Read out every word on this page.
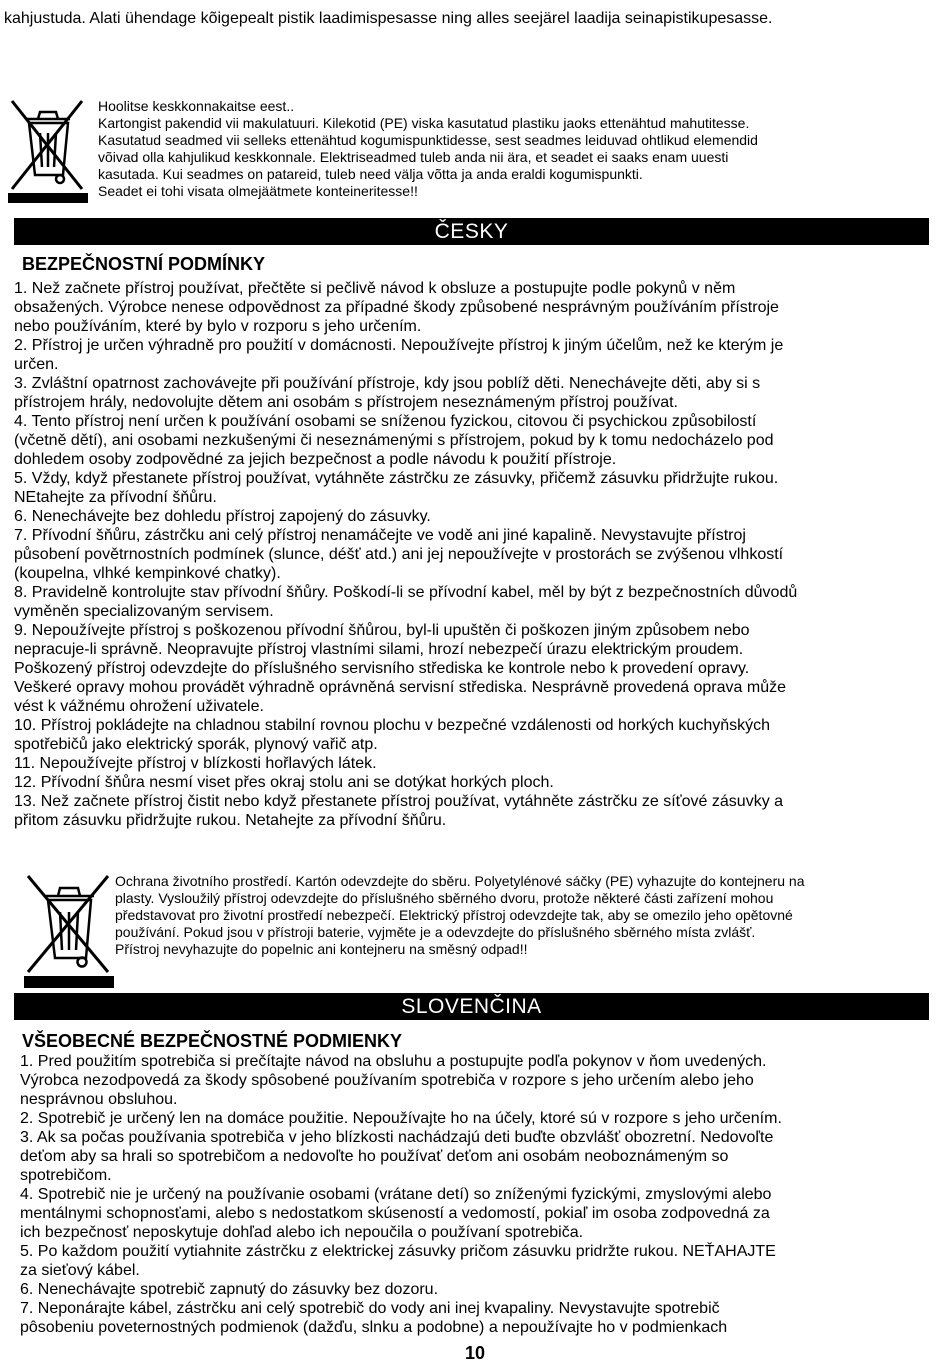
kahjustuda. Alati ühendage kõigepealt pistik laadimispesasse ning alles seejärel laadija seinapistikupesasse.
Hoolitse keskkonnakaitse eest..
Kartongist pakendid vii makulatuuri. Kilekotid (PE) viska kasutatud plastiku jaoks ettenähtud mahutitesse.
Kasutatud seadmed vii selleks ettenähtud kogumispunktidesse, sest seadmes leiduvad ohtlikud elemendid
võivad olla kahjulikud keskkonnale. Elektriseadmed tuleb anda nii ära, et seadet ei saaks enam uuesti
kasutada. Kui seadmes on patareid, tuleb need välja võtta ja anda eraldi kogumispunkti.
Seadet ei tohi visata olmejäätmete konteineritesse!!
ČESKY
BEZPEČNOSTNÍ PODMÍNKY
1. Než začnete přístroj používat, přečtěte si pečlivě návod k obsluze a postupujte podle pokynů v něm
obsažených. Výrobce nenese odpovědnost za případné škody způsobené nesprávným používáním přístroje
nebo používáním, které by bylo v rozporu s jeho určením.
2. Přístroj je určen výhradně pro použití v domácnosti. Nepoužívejte přístroj k jiným účelům, než ke kterým je
určen.
3. Zvláštní opatrnost zachovávejte při používání přístroje, kdy jsou poblíž děti. Nenechávejte děti, aby si s
přístrojem hrály, nedovolujte dětem ani osobám s přístrojem neseznámeným přístroj používat.
4. Tento přístroj není určen k používání osobami se sníženou fyzickou, citovou či psychickou způsobilostí
(včetně dětí), ani osobami nezkušenými či neseznámenými s přístrojem, pokud by k tomu nedocházelo pod
dohledem osoby zodpovědné za jejich bezpečnost a podle návodu k použití přístroje.
5. Vždy, když přestanete přístroj používat, vytáhněte zástrčku ze zásuvky, přičemž zásuvku přidržujte rukou.
NEtahejte za přívodní šňůru.
6. Nenechávejte bez dohledu přístroj zapojený do zásuvky.
7. Přívodní šňůru, zástrčku ani celý přístroj nenamáčejte ve vodě ani jiné kapalině. Nevystavujte přístroj
působení povětrnostních podmínek (slunce, déšť atd.) ani jej nepoužívejte v prostorách se zvýšenou vlhkostí
(koupelna, vlhké kempinkové chatky).
8. Pravidelně kontrolujte stav přívodní šňůry. Poškodí-li se přívodní kabel, měl by být z bezpečnostních důvodů
vyměněn specializovaným servisem.
9. Nepoužívejte přístroj s poškozenou přívodní šňůrou, byl-li upuštěn či poškozen jiným způsobem nebo
nepracuje-li správně. Neopravujte přístroj vlastními silami, hrozí nebezpečí úrazu elektrickým proudem.
Poškozený přístroj odevzdejte do příslušného servisního střediska ke kontrole nebo k provedení opravy.
Veškeré opravy mohou provádět výhradně oprávněná servisní střediska. Nesprávně provedená oprava může
vést k vážnému ohrožení uživatele.
10. Přístroj pokládejte na chladnou stabilní rovnou plochu v bezpečné vzdálenosti od horkých kuchyňských
spotřebičů jako elektrický sporák, plynový vařič atp.
11. Nepoužívejte přístroj v blízkosti hořlavých látek.
12. Přívodní šňůra nesmí viset přes okraj stolu ani se dotýkat horkých ploch.
13. Než začnete přístroj čistit nebo když přestanete přístroj používat, vytáhněte zástrčku ze síťové zásuvky a
přitom zásuvku přidržujte rukou. Netahejte za přívodní šňůru.
Ochrana životního prostředí. Kartón odevzdejte do sběru. Polyetylénové sáčky (PE) vyhazujte do kontejneru na
plasty. Vysloužilý přístroj odevzdejte do příslušného sběrného dvoru, protože některé části zařízení mohou
představovat pro životní prostředí nebezpečí. Elektrický přístroj odevzdejte tak, aby se omezilo jeho opětovné
používání. Pokud jsou v přístroji baterie, vyjměte je a odevzdejte do příslušného sběrného místa zvlášť.
Přístroj nevyhazujte do popelnic ani kontejneru na směsný odpad!!
SLOVENČINA
VŠEOBECNÉ BEZPEČNOSTNÉ PODMIENKY
1. Pred použitím spotrebiča si prečítajte návod na obsluhu a postupujte podľa pokynov v ňom uvedených.
Výrobca nezodpovedá za škody spôsobené používaním spotrebiča v rozpore s jeho určením alebo jeho
nesprávnou obsluhou.
2. Spotrebič je určený len na domáce použitie. Nepoužívajte ho na účely, ktoré sú v rozpore s jeho určením.
3. Ak sa počas používania spotrebiča v jeho blízkosti nachádzajú deti buďte obzvlášť obozretní. Nedovoľte
deťom aby sa hrali so spotrebičom a nedovoľte ho používať deťom ani osobám neoboznámeným so
spotrebičom.
4. Spotrebič nie je určený na používanie osobami (vrátane detí) so zníženými fyzickými, zmyslovými alebo
mentálnymi schopnosťami, alebo s nedostatkom skúseností a vedomostí, pokiaľ im osoba zodpovedná za
ich bezpečnosť neposkytuje dohľad alebo ich nepoučila o používaní spotrebiča.
5. Po každom použití vytiahnite zástrčku z elektrickej zásuvky pričom zásuvku pridržte rukou. NEŤAHAJTE
za sieťový kábel.
6. Nenechávajte spotrebič zapnutý do zásuvky bez dozoru.
7. Neponárajte kábel, zástrčku ani celý spotrebič do vody ani inej kvapaliny. Nevystavujte spotrebič
pôsobeniu poveternostných podmienok (dažďu, slnku a podobne) a nepoužívajte ho v podmienkach
10
